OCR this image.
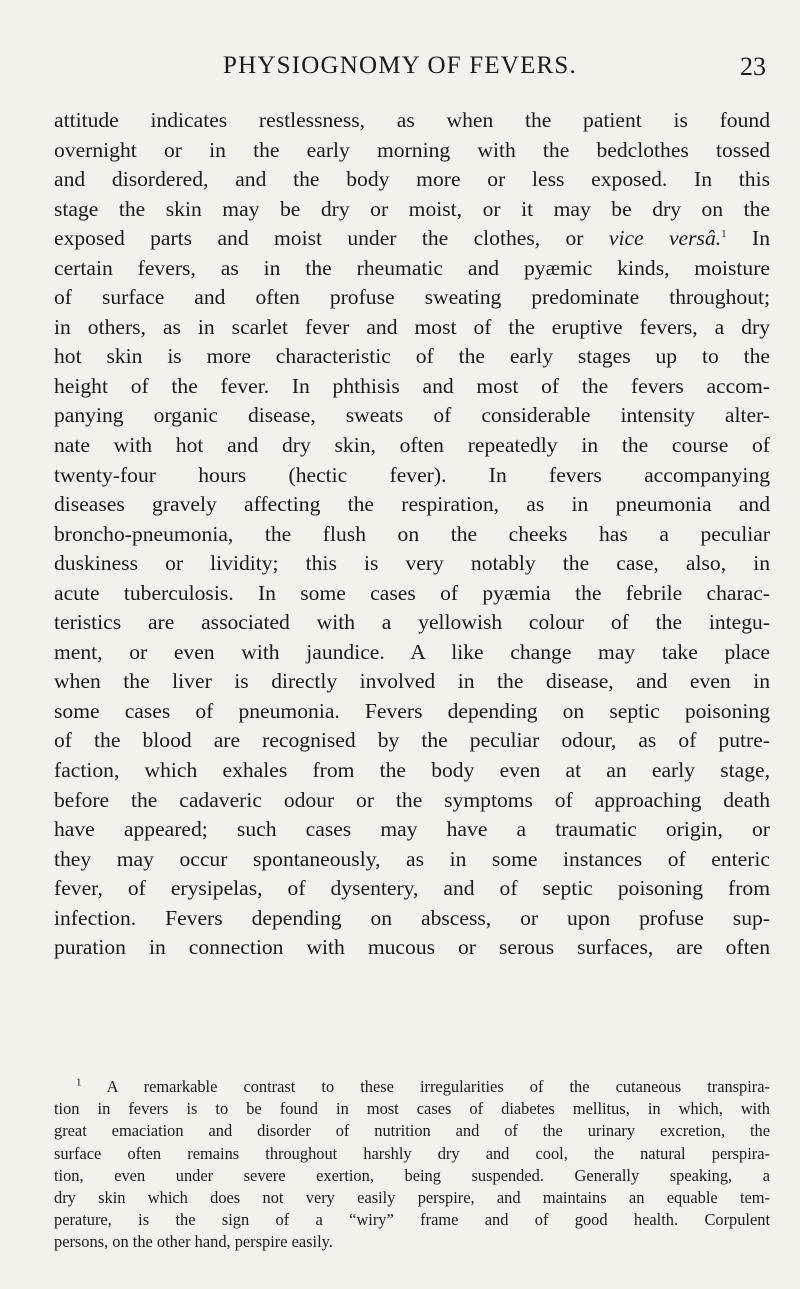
PHYSIOGNOMY OF FEVERS.	23
attitude indicates restlessness, as when the patient is found
overnight or in the early morning with the bedclothes tossed
and disordered, and the body more or less exposed. In this
stage the skin may be dry or moist, or it may be dry on the
exposed parts and moist under the clothes, or vice versâ.$^1$ In
certain fevers, as in the rheumatic and pyæmic kinds, moisture
of surface and often profuse sweating predominate throughout;
in others, as in scarlet fever and most of the eruptive fevers, a dry
hot skin is more characteristic of the early stages up to the
height of the fever. In phthisis and most of the fevers accom-
panying organic disease, sweats of considerable intensity alter-
nate with hot and dry skin, often repeatedly in the course of
twenty-four hours (hectic fever). In fevers accompanying
diseases gravely affecting the respiration, as in pneumonia and
broncho-pneumonia, the flush on the cheeks has a peculiar
duskiness or lividity; this is very notably the case, also, in
acute tuberculosis. In some cases of pyæmia the febrile charac-
teristics are associated with a yellowish colour of the integu-
ment, or even with jaundice. A like change may take place
when the liver is directly involved in the disease, and even in
some cases of pneumonia. Fevers depending on septic poisoning
of the blood are recognised by the peculiar odour, as of putre-
faction, which exhales from the body even at an early stage,
before the cadaveric odour or the symptoms of approaching death
have appeared; such cases may have a traumatic origin, or
they may occur spontaneously, as in some instances of enteric
fever, of erysipelas, of dysentery, and of septic poisoning from
infection. Fevers depending on abscess, or upon profuse sup-
puration in connection with mucous or serous surfaces, are often
$^1$ A remarkable contrast to these irregularities of the cutaneous transpira-
tion in fevers is to be found in most cases of diabetes mellitus, in which, with
great emaciation and disorder of nutrition and of the urinary excretion, the
surface often remains throughout harshly dry and cool, the natural perspira-
tion, even under severe exertion, being suspended. Generally speaking, a
dry skin which does not very easily perspire, and maintains an equable tem-
perature, is the sign of a “wiry” frame and of good health. Corpulent
persons, on the other hand, perspire easily.
